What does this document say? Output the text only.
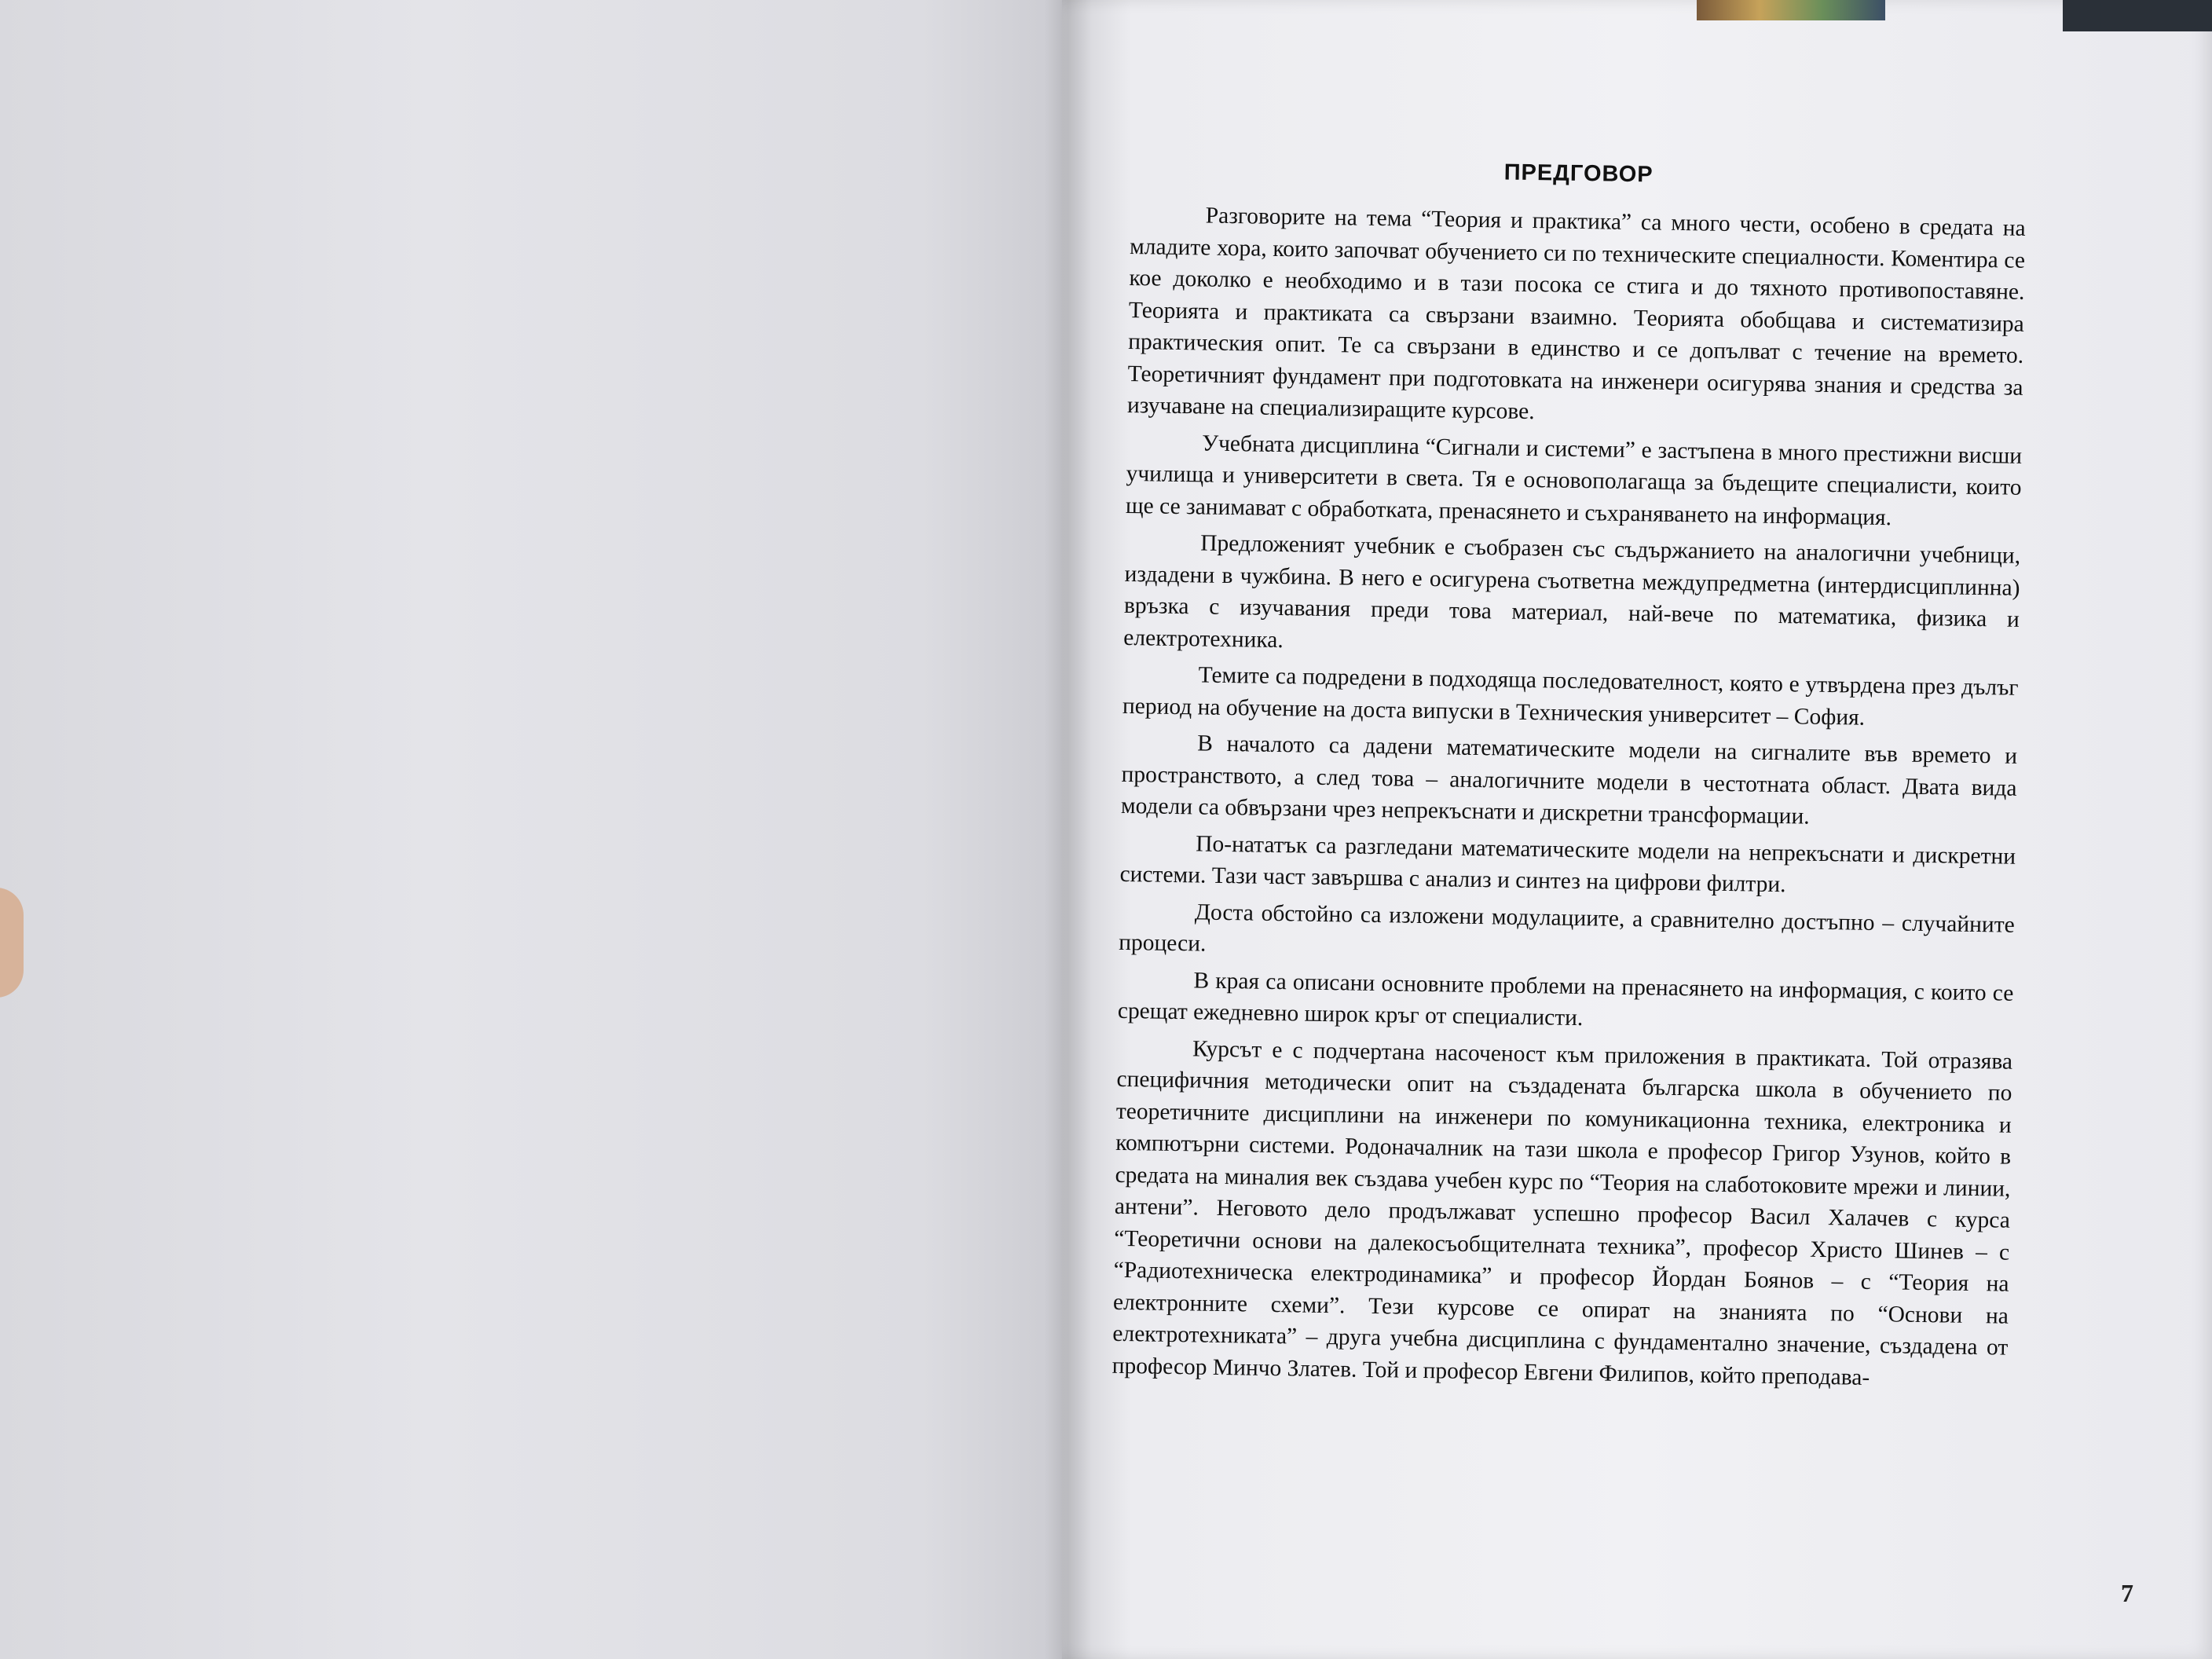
ПРЕДГОВОР

Разговорите на тема “Теория и практика” са много чести, особено в средата на младите хора, които започват обучението си по техническите специалности. Коментира се кое доколко е необходимо и в тази посока се стига и до тяхното противопоставяне. Теорията и практиката са свързани взаимно. Теорията обобщава и систематизира практическия опит. Те са свързани в единство и се допълват с течение на времето. Теоретичният фундамент при подготовката на инженери осигурява знания и средства за изучаване на специализиращите курсове.

Учебната дисциплина “Сигнали и системи” е застъпена в много престижни висши училища и университети в света. Тя е основополагаща за бъдещите специалисти, които ще се занимават с обработката, пренасянето и съхраняването на информация.

Предложеният учебник е съобразен със съдържанието на аналогични учебници, издадени в чужбина. В него е осигурена съответна междупредметна (интердисциплинна) връзка с изучавания преди това материал, най-вече по математика, физика и електротехника.

Темите са подредени в подходяща последователност, която е утвърдена през дълъг период на обучение на доста випуски в Техническия университет – София.

В началото са дадени математическите модели на сигналите във времето и пространството, а след това – аналогичните модели в честотната област. Двата вида модели са обвързани чрез непрекъснати и дискретни трансформации.

По-нататък са разгледани математическите модели на непрекъснати и дискретни системи. Тази част завършва с анализ и синтез на цифрови филтри.

Доста обстойно са изложени модулациите, а сравнително достъпно – случайните процеси.

В края са описани основните проблеми на пренасянето на информация, с които се срещат ежедневно широк кръг от специалисти.

Курсът е с подчертана насоченост към приложения в практиката. Той отразява специфичния методически опит на създадената българска школа в обучението по теоретичните дисциплини на инженери по комуникационна техника, електроника и компютърни системи. Родоначалник на тази школа е професор Григор Узунов, който в средата на миналия век създава учебен курс по “Теория на слаботоковите мрежи и линии, антени”. Неговото дело продължават успешно професор Васил Халачев с курса “Теоретични основи на далекосъобщителната техника”, професор Христо Шинев – с “Радиотехническа електродинамика” и професор Йордан Боянов – с “Теория на електронните схеми”. Тези курсове се опират на знанията по “Основи на електротехниката” – друга учебна дисциплина с фундаментално значение, създадена от професор Минчо Златев. Той и професор Евгени Филипов, който преподава-

7
